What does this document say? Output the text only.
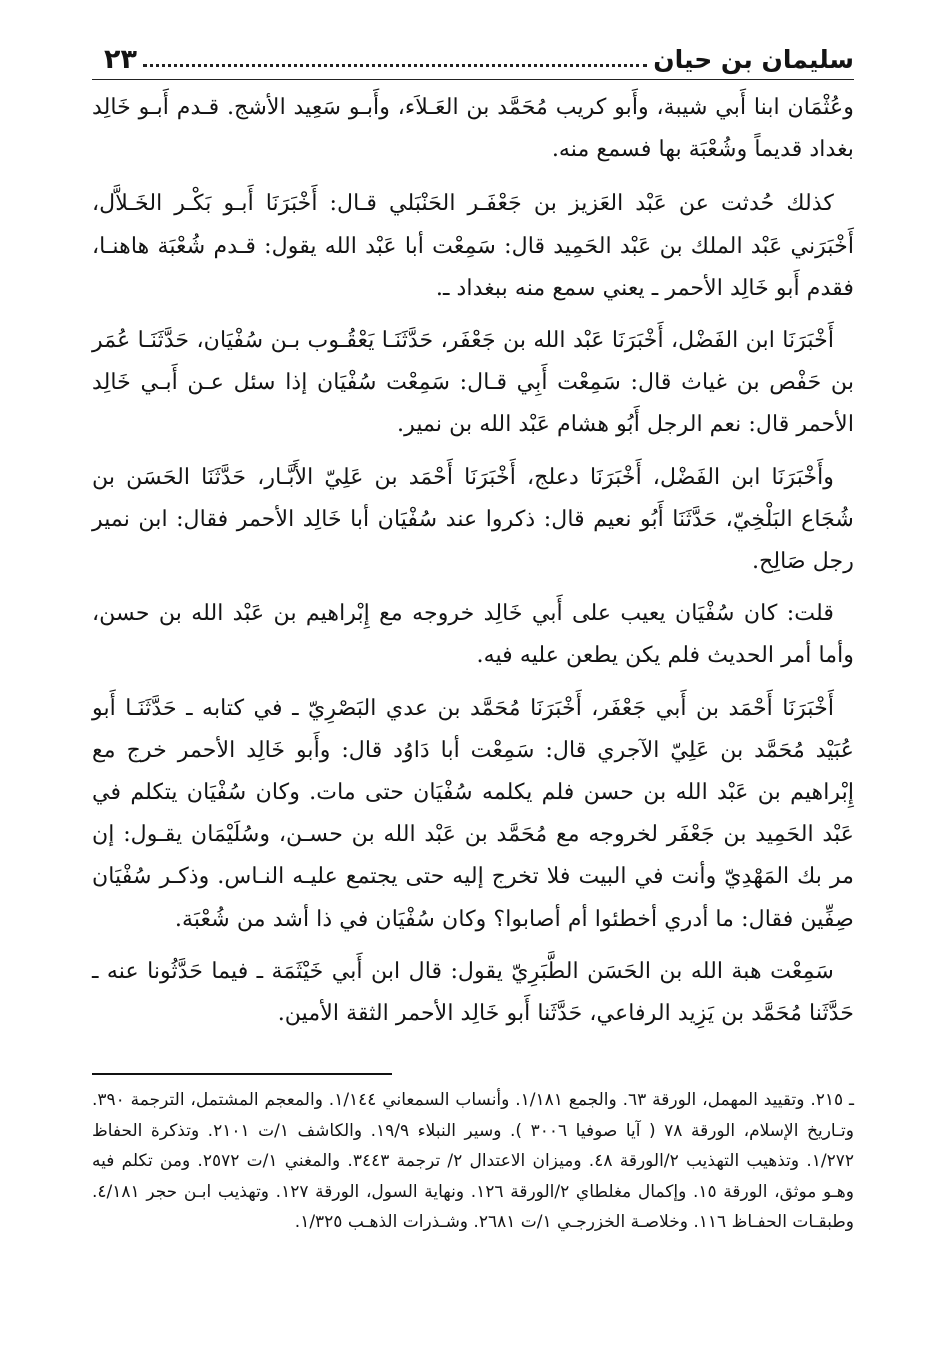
سليمان بن حيان
٢٣

وعُثْمَان ابنا أَبي شيبة، وأَبو كريب مُحَمَّد بن العَـلاَء، وأَبـو سَعِيد الأشج. قـدم أَبـو خَالِد بغداد قديماً وشُعْبَة بها فسمع منه.

كذلك حُدثت عن عَبْد العَزيز بن جَعْفَـر الحَنْبَلي قـال: أَخْبَرَنَا أَبـو بَكْـر الخَـلاَّل، أَخْبَرَني عَبْد الملك بن عَبْد الحَمِيد قال: سَمِعْت أبا عَبْد الله يقول: قـدم شُعْبَة هاهنـا، فقدم أَبو خَالِد الأحمر ـ يعني سمع منه ببغداد ـ.

أَخْبَرَنَا ابن الفَضْل، أَخْبَرَنَا عَبْد الله بن جَعْفَر، حَدَّثَنَـا يَعْقُـوب بـن سُفْيَان، حَدَّثَنَـا عُمَر بن حَفْص بن غياث قال: سَمِعْت أَبِي قـال: سَمِعْت سُفْيَان إذا سئل عـن أَبـي خَالِد الأحمر قال: نعم الرجل أَبُو هشام عَبْد الله بن نمير.

وأَخْبَرَنَا ابن الفَضْل، أَخْبَرَنَا دعلج، أَخْبَرَنَا أَحْمَد بن عَلِيّ الأَبَّـار، حَدَّثَنَا الحَسَن بن شُجَاع البَلْخِيّ، حَدَّثَنَا أَبُو نعيم قال: ذكروا عند سُفْيَان أبا خَالِد الأحمر فقال: ابن نمير رجل صَالِح.

قلت: كان سُفْيَان يعيب على أَبي خَالِد خروجه مع إِبْراهيم بن عَبْد الله بن حسن، وأما أمر الحديث فلم يكن يطعن عليه فيه.

أَخْبَرَنَا أَحْمَد بن أَبي جَعْفَر، أَخْبَرَنَا مُحَمَّد بن عدي البَصْرِيّ ـ في كتابه ـ حَدَّثَنَـا أَبو عُبَيْد مُحَمَّد بن عَلِيّ الآجري قال: سَمِعْت أبا دَاوُد قال: وأَبو خَالِد الأحمر خرج مع إِبْراهيم بن عَبْد الله بن حسن فلم يكلمه سُفْيَان حتى مات. وكان سُفْيَان يتكلم في عَبْد الحَمِيد بن جَعْفَر لخروجه مع مُحَمَّد بن عَبْد الله بن حسـن، وسُلَيْمَان يقـول: إن مر بك المَهْدِيّ وأنت في البيت فلا تخرج إليه حتى يجتمع عليـه النـاس. وذكـر سُفْيَان صِفِّين فقال: ما أدري أخطئوا أم أصابوا؟ وكان سُفْيَان في ذا أشد من شُعْبَة.

سَمِعْت هبة الله بن الحَسَن الطَّبَرِيّ يقول: قال ابن أَبي خَيْثَمَة ـ فيما حَدَّثُونا عنه ـ حَدَّثَنا مُحَمَّد بن يَزِيد الرفاعي، حَدَّثَنا أَبو خَالِد الأحمر الثقة الأمين.

ـ ٢١٥. وتقييد المهمل، الورقة ٦٣. والجمع ١/١٨١. وأنساب السمعاني ١/١٤٤. والمعجم المشتمل، الترجمة ٣٩٠. وتـاريخ الإسلام، الورقة ٧٨ ( آيا صوفيا ٣٠٠٦ ). وسير النبلاء ١٩/٩. والكاشف ١/ت ٢١٠١. وتذكرة الحفاظ ١/٢٧٢. وتذهيب التهذيب ٢/الورقة ٤٨. وميزان الاعتدال ٢/ ترجمة ٣٤٤٣. والمغني ١/ت ٢٥٧٢. ومن تكلم فيه وهـو موثق، الورقة ١٥. وإكمال مغلطاي ٢/الورقة ١٢٦. ونهاية السول، الورقة ١٢٧. وتهذيب ابـن حجر ٤/١٨١. وطبقـات الحفـاظ ١١٦. وخلاصـة الخزرجـي ١/ت ٢٦٨١. وشـذرات الذهـب ١/٣٢٥.
